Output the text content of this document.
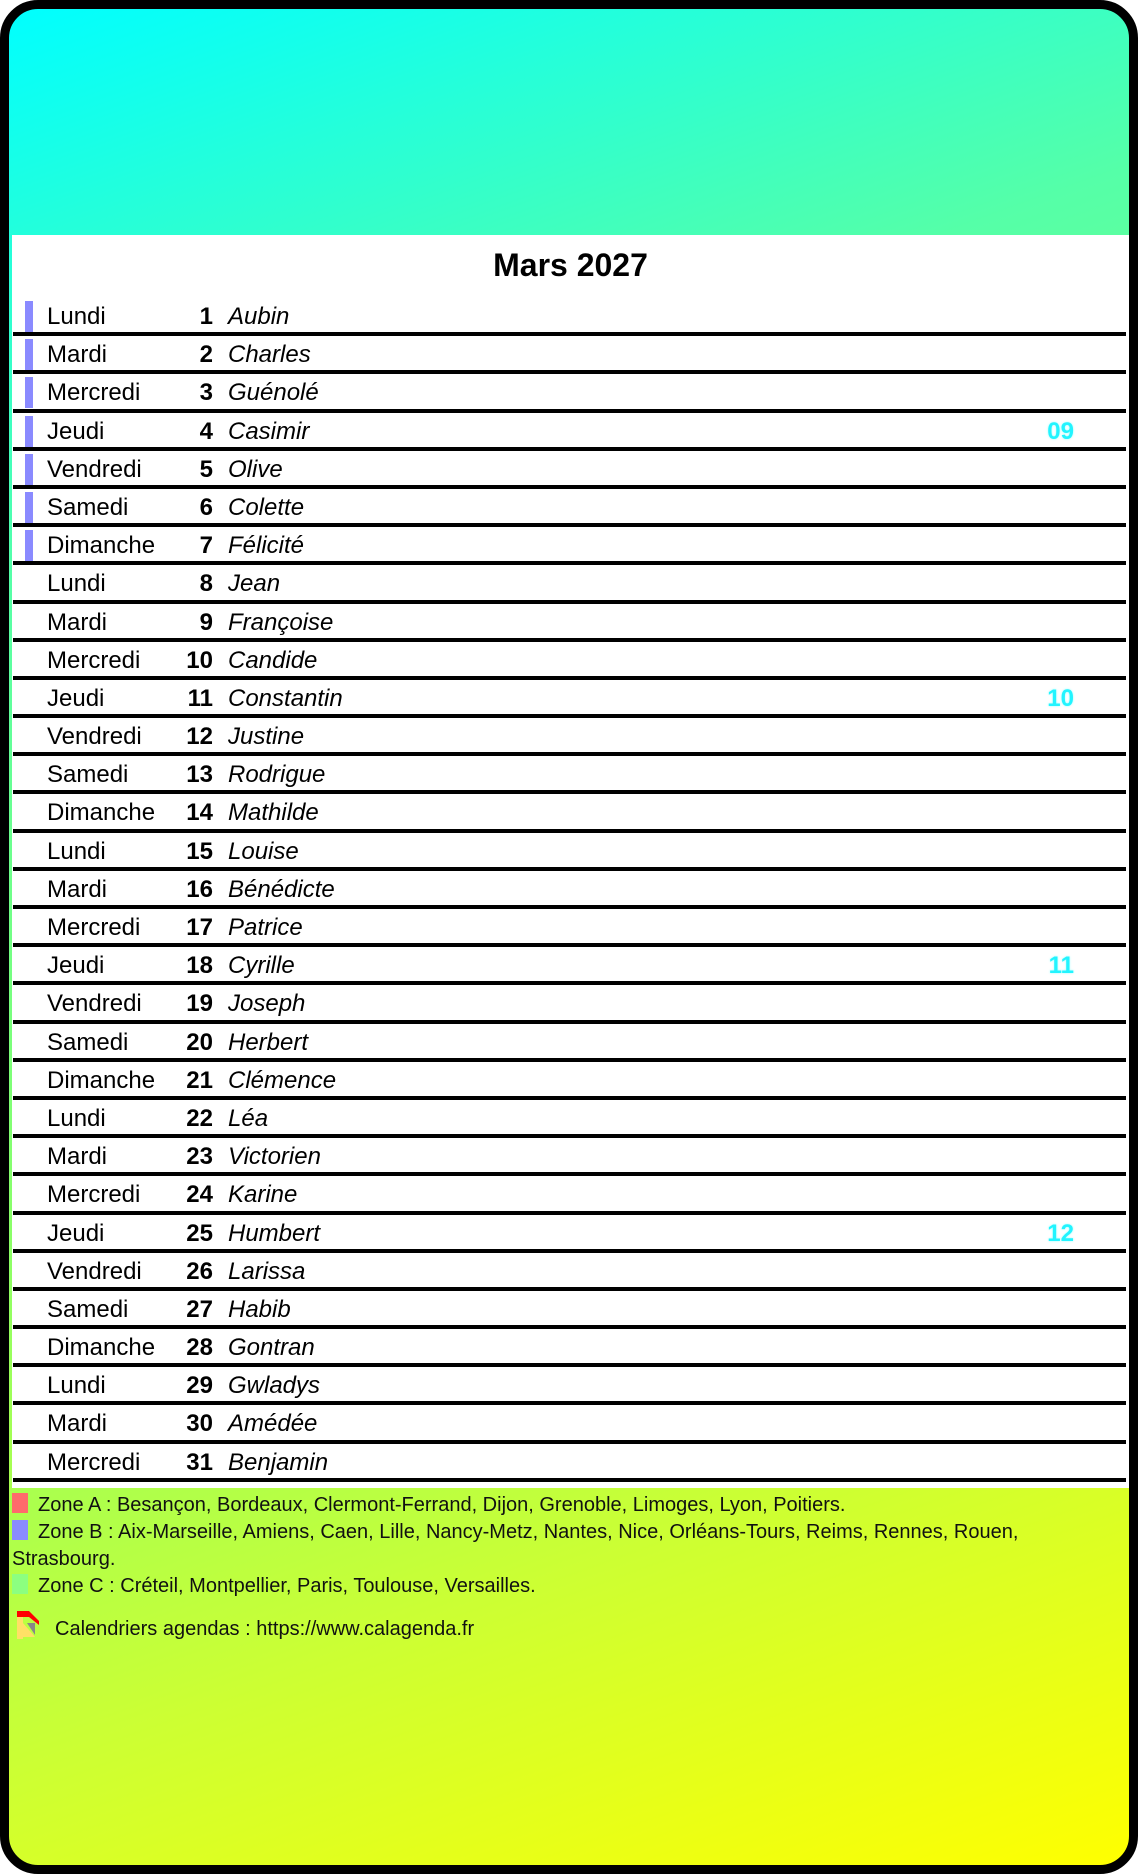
Mars 2027
Lundi	1 Aubin
Mardi	2 Charles
Mercredi	3 Guénolé
Jeudi	4 Casimir	09
Vendredi	5 Olive
Samedi	6 Colette
Dimanche	7 Félicité
Lundi	8 Jean
Mardi	9 Françoise
Mercredi	10 Candide
Jeudi	11 Constantin	10
Vendredi	12 Justine
Samedi	13 Rodrigue
Dimanche	14 Mathilde
Lundi	15 Louise
Mardi	16 Bénédicte
Mercredi	17 Patrice
Jeudi	18 Cyrille	11
Vendredi	19 Joseph
Samedi	20 Herbert
Dimanche	21 Clémence
Lundi	22 Léa
Mardi	23 Victorien
Mercredi	24 Karine
Jeudi	25 Humbert	12
Vendredi	26 Larissa
Samedi	27 Habib
Dimanche	28 Gontran
Lundi	29 Gwladys
Mardi	30 Amédée
Mercredi	31 Benjamin

Zone A : Besançon, Bordeaux, Clermont-Ferrand, Dijon, Grenoble, Limoges, Lyon, Poitiers.

Zone B : Aix-Marseille, Amiens, Caen, Lille, Nancy-Metz, Nantes, Nice, Orléans-Tours, Reims, Rennes, Rouen, Strasbourg.

Zone C : Créteil, Montpellier, Paris, Toulouse, Versailles.

Calendriers agendas : https://www.calagenda.fr
